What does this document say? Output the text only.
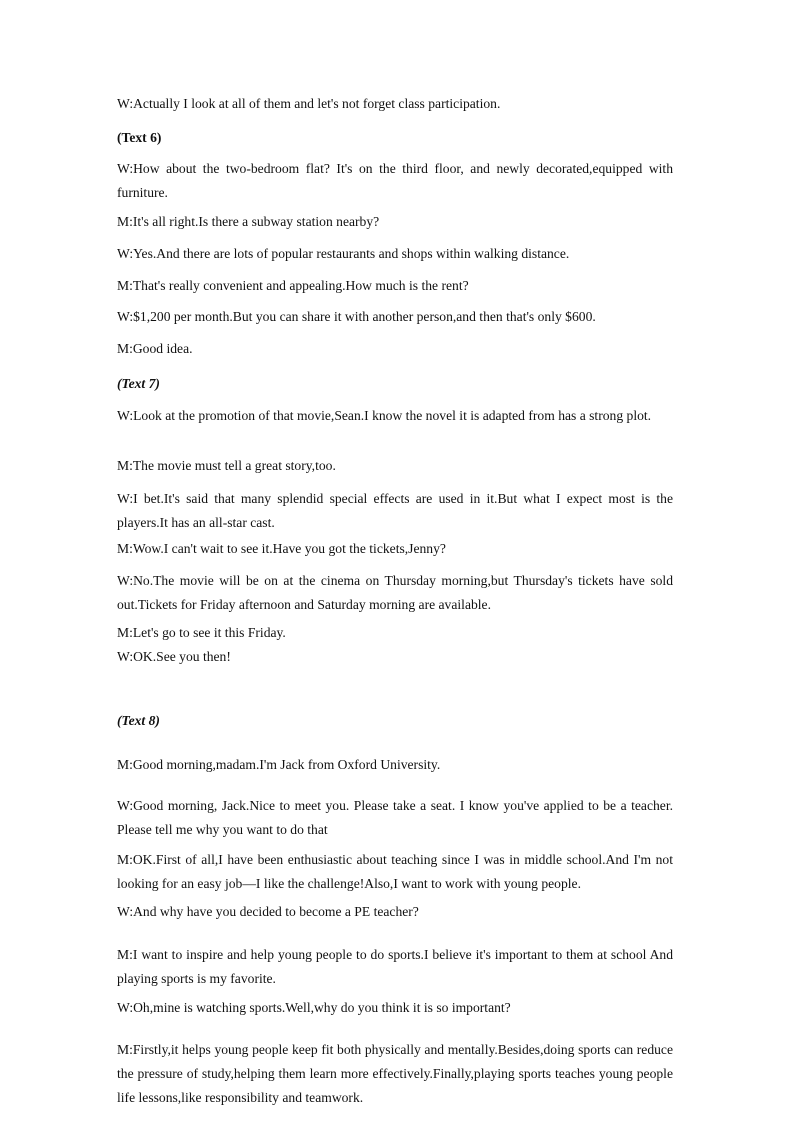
W:Actually I look at all of them and let's not forget class participation.

(Text 6)

W:How about the two-bedroom flat? It's on the third floor, and newly decorated,equipped with furniture.

M:It's all right.Is there a subway station nearby?

W:Yes.And there are lots of popular restaurants and shops within walking distance.

M:That's really convenient and appealing.How much is the rent?

W:$1,200 per month.But you can share it with another person,and then that's only $600.

M:Good idea.

(Text 7)

W:Look at the promotion of that movie,Sean.I know the novel it is adapted from has a strong plot.

M:The movie must tell a great story,too.

W:I bet.It's said that many splendid special effects are used in it.But what I expect most is the players.It has an all-star cast.

M:Wow.I can't wait to see it.Have you got the tickets,Jenny?

W:No.The movie will be on at the cinema on Thursday morning,but Thursday's tickets have sold out.Tickets for Friday afternoon and Saturday morning are available.

M:Let's go to see it this Friday.

W:OK.See you then!

(Text 8)

M:Good morning,madam.I'm Jack from Oxford University.

W:Good morning, Jack.Nice to meet you. Please take a seat. I know you've applied to be a teacher. Please tell me why you want to do that

M:OK.First of all,I have been enthusiastic about teaching since I was in middle school.And I'm not looking for an easy job—I like the challenge!Also,I want to work with young people.

W:And why have you decided to become a PE teacher?

M:I want to inspire and help young people to do sports.I believe it's important to them at school And playing sports is my favorite.

W:Oh,mine is watching sports.Well,why do you think it is so important?

M:Firstly,it helps young people keep fit both physically and mentally.Besides,doing sports can reduce the pressure of study,helping them learn more effectively.Finally,playing sports teaches young people life lessons,like responsibility and teamwork.
